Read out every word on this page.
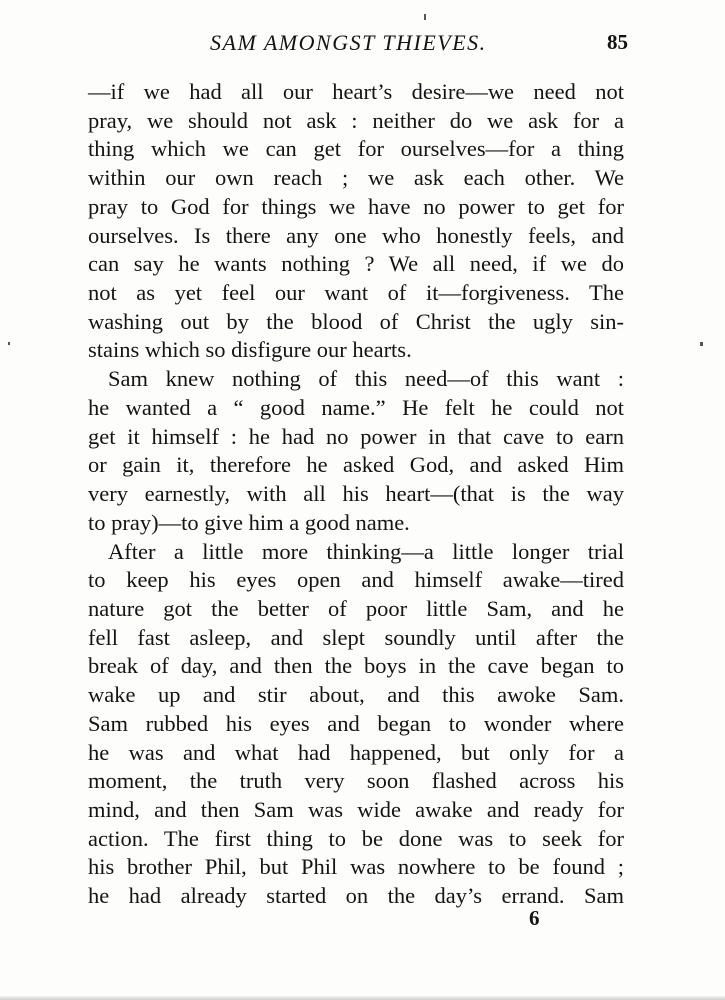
SAM AMONGST THIEVES.	85
—if we had all our heart’s desire—we need not
pray, we should not ask : neither do we ask for a
thing which we can get for ourselves—for a thing
within our own reach ; we ask each other. We
pray to God for things we have no power to get for
ourselves. Is there any one who honestly feels, and
can say he wants nothing ? We all need, if we do
not as yet feel our want of it—forgiveness. The
washing out by the blood of Christ the ugly sin-
stains which so disfigure our hearts.
Sam knew nothing of this need—of this want :
he wanted a “ good name.” He felt he could not
get it himself : he had no power in that cave to earn
or gain it, therefore he asked God, and asked Him
very earnestly, with all his heart—(that is the way
to pray)—to give him a good name.
After a little more thinking—a little longer trial
to keep his eyes open and himself awake—tired
nature got the better of poor little Sam, and he
fell fast asleep, and slept soundly until after the
break of day, and then the boys in the cave began to
wake up and stir about, and this awoke Sam.
Sam rubbed his eyes and began to wonder where
he was and what had happened, but only for a
moment, the truth very soon flashed across his
mind, and then Sam was wide awake and ready for
action. The first thing to be done was to seek for
his brother Phil, but Phil was nowhere to be found ;
he had already started on the day’s errand. Sam
6
